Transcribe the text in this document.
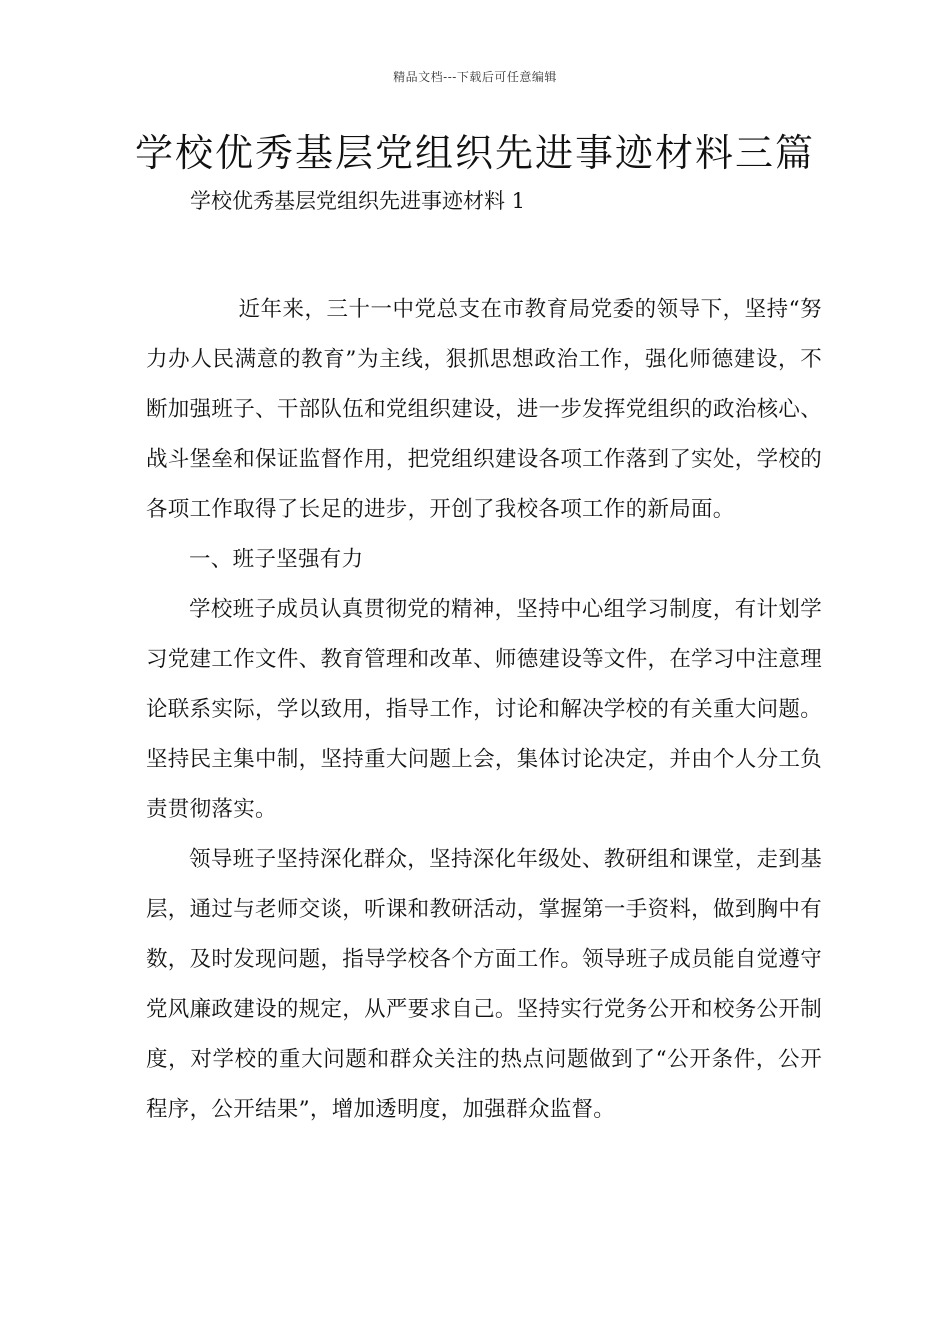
精品文档---下载后可任意编辑
学校优秀基层党组织先进事迹材料三篇

学校优秀基层党组织先进事迹材料 1

近年来，三十一中党总支在市教育局党委的领导下，坚持“努力办人民满意的教育”为主线，狠抓思想政治工作，强化师德建设，不断加强班子、干部队伍和党组织建设，进一步发挥党组织的政治核心、战斗堡垒和保证监督作用，把党组织建设各项工作落到了实处，学校的各项工作取得了长足的进步，开创了我校各项工作的新局面。

一、班子坚强有力

学校班子成员认真贯彻党的精神，坚持中心组学习制度，有计划学习党建工作文件、教育管理和改革、师德建设等文件，在学习中注意理论联系实际，学以致用，指导工作，讨论和解决学校的有关重大问题。坚持民主集中制，坚持重大问题上会，集体讨论决定，并由个人分工负责贯彻落实。

领导班子坚持深化群众，坚持深化年级处、教研组和课堂，走到基层，通过与老师交谈，听课和教研活动，掌握第一手资料，做到胸中有数，及时发现问题，指导学校各个方面工作。领导班子成员能自觉遵守党风廉政建设的规定，从严要求自己。坚持实行党务公开和校务公开制度，对学校的重大问题和群众关注的热点问题做到了“公开条件，公开程序，公开结果”，增加透明度，加强群众监督。
